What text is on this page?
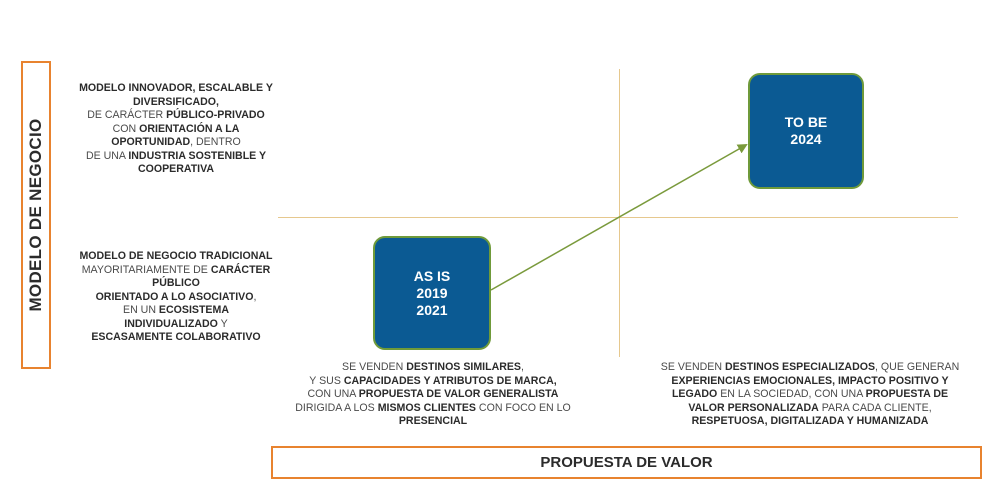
MODELO DE NEGOCIO
MODELO INNOVADOR, ESCALABLE Y
DIVERSIFICADO,
DE CARÁCTER PÚBLICO-PRIVADO
CON ORIENTACIÓN A LA
OPORTUNIDAD, DENTRO
DE UNA INDUSTRIA SOSTENIBLE Y
COOPERATIVA
MODELO DE NEGOCIO TRADICIONAL
MAYORITARIAMENTE DE CARÁCTER
PÚBLICO
ORIENTADO A LO ASOCIATIVO,
EN UN ECOSISTEMA
INDIVIDUALIZADO Y
ESCASAMENTE COLABORATIVO
AS IS
2019
2021
TO BE
2024
SE VENDEN DESTINOS SIMILARES,
Y SUS CAPACIDADES Y ATRIBUTOS DE MARCA,
CON UNA PROPUESTA DE VALOR GENERALISTA
DIRIGIDA A LOS MISMOS CLIENTES CON FOCO EN LO
PRESENCIAL
SE VENDEN DESTINOS ESPECIALIZADOS, QUE GENERAN
EXPERIENCIAS EMOCIONALES, IMPACTO POSITIVO Y
LEGADO EN LA SOCIEDAD, CON UNA PROPUESTA DE
VALOR PERSONALIZADA PARA CADA CLIENTE,
RESPETUOSA, DIGITALIZADA Y HUMANIZADA
PROPUESTA DE VALOR
